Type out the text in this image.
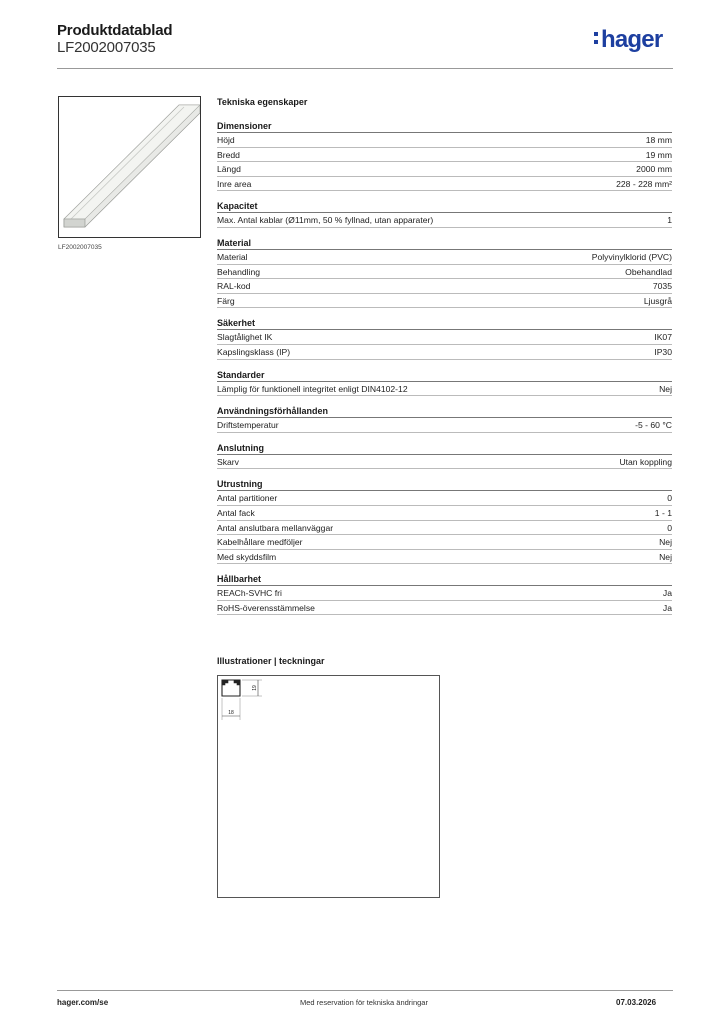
Produktdatablad
LF2002007035	hager
LF2002007035
Tekniska egenskaper
Dimensioner
Höjd	18 mm
Bredd	19 mm
Längd	2000 mm
Inre area	228 - 228 mm²
Kapacitet
Max. Antal kablar (Ø11mm, 50 % fyllnad, utan apparater)	1
Material
Material	Polyvinylklorid (PVC)
Behandling	Obehandlad
RAL-kod	7035
Färg	Ljusgrå
Säkerhet
Slagtålighet IK	IK07
Kapslingsklass (IP)	IP30
Standarder
Lämplig för funktionell integritet enligt DIN4102-12	Nej
Användningsförhållanden
Driftstemperatur	-5 - 60 °C
Anslutning
Skarv	Utan koppling
Utrustning
Antal partitioner	0
Antal fack	1 - 1
Antal anslutbara mellanväggar	0
Kabelhållare medföljer	Nej
Med skyddsfilm	Nej
Hållbarhet
REACh-SVHC fri	Ja
RoHS-överensstämmelse	Ja
Illustrationer | teckningar
19
18
hager.com/se	Med reservation för tekniska ändringar	07.03.2026
